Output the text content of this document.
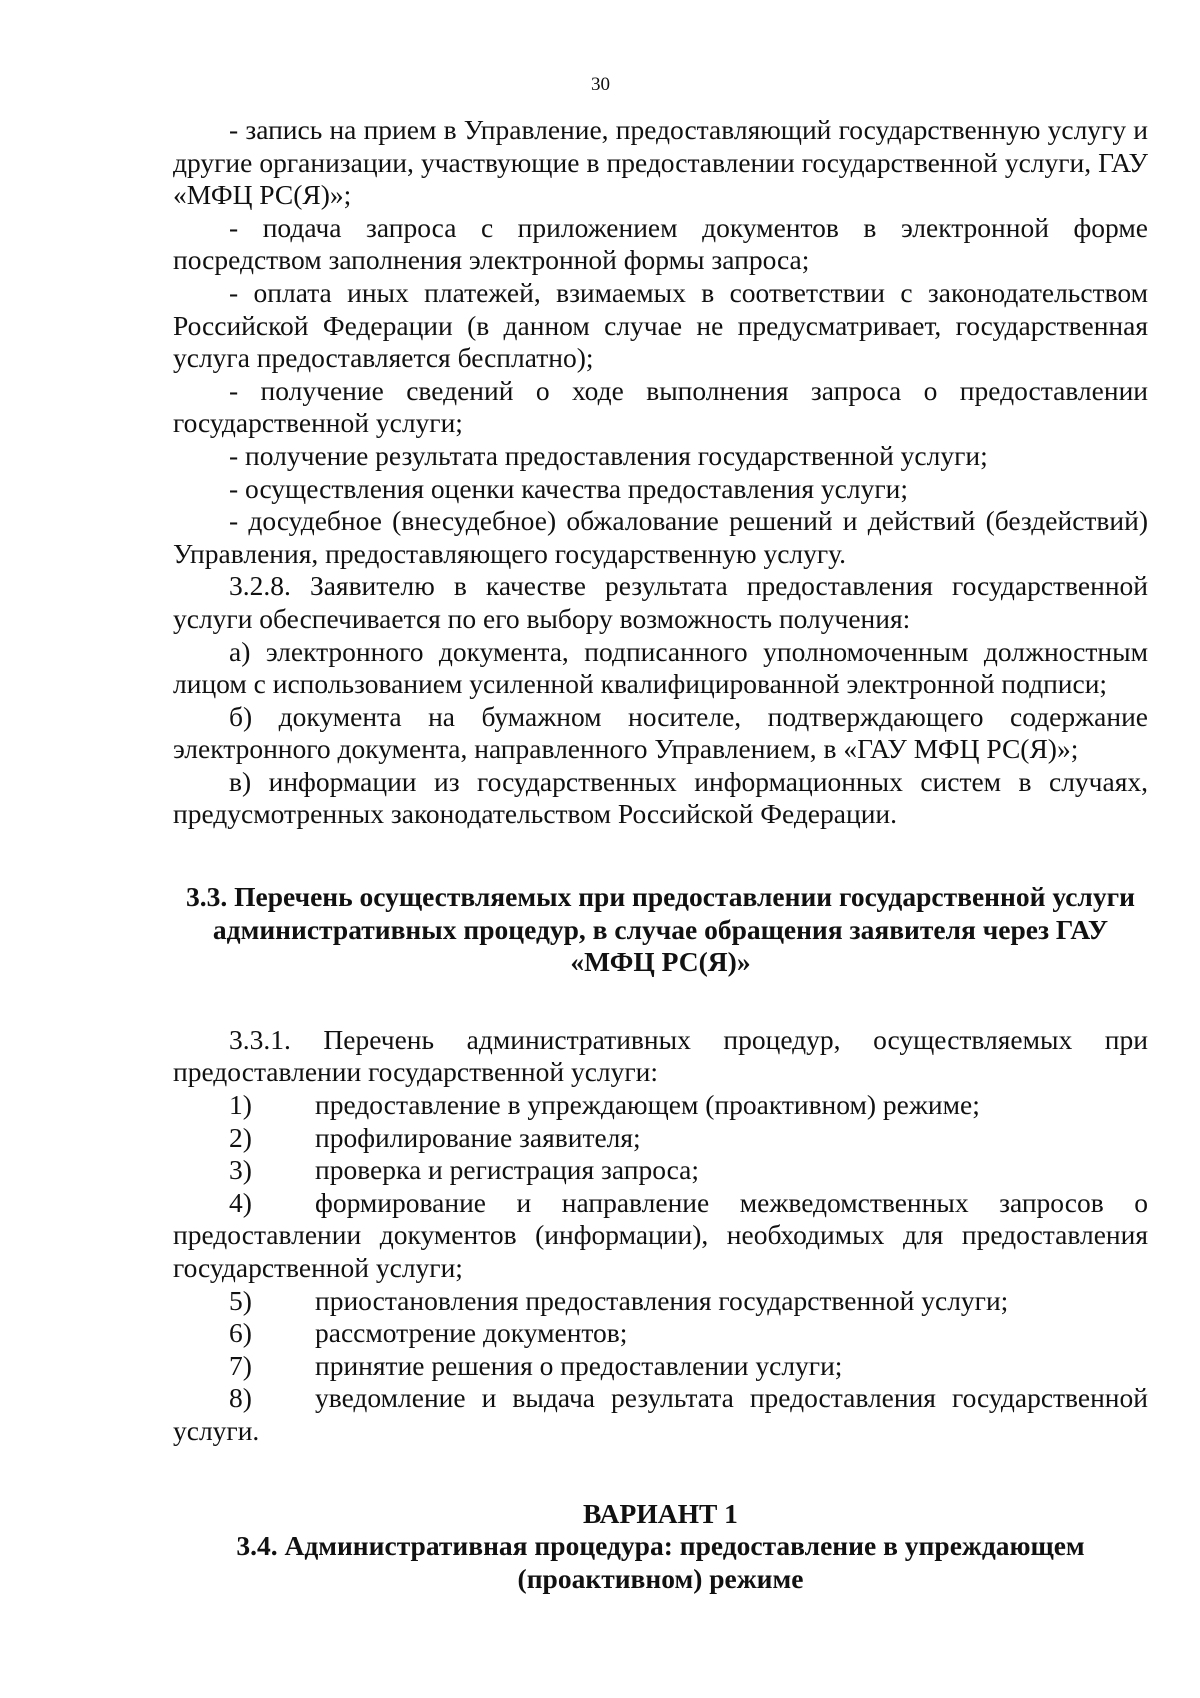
30

- запись на прием в Управление, предоставляющий государственную услугу и другие организации, участвующие в предоставлении государственной услуги, ГАУ «МФЦ РС(Я)»;

- подача запроса с приложением документов в электронной форме посредством заполнения электронной формы запроса;

- оплата иных платежей, взимаемых в соответствии с законодательством Российской Федерации (в данном случае не предусматривает, государственная услуга предоставляется бесплатно);

- получение сведений о ходе выполнения запроса о предоставлении государственной услуги;

- получение результата предоставления государственной услуги;

- осуществления оценки качества предоставления услуги;

- досудебное (внесудебное) обжалование решений и действий (бездействий) Управления, предоставляющего государственную услугу.

3.2.8. Заявителю в качестве результата предоставления государственной услуги обеспечивается по его выбору возможность получения:

а) электронного документа, подписанного уполномоченным должностным лицом с использованием усиленной квалифицированной электронной подписи;

б) документа на бумажном носителе, подтверждающего содержание электронного документа, направленного Управлением, в «ГАУ МФЦ РС(Я)»;

в) информации из государственных информационных систем в случаях, предусмотренных законодательством Российской Федерации.

3.3. Перечень осуществляемых при предоставлении государственной услуги административных процедур, в случае обращения заявителя через ГАУ «МФЦ РС(Я)»

3.3.1. Перечень административных процедур, осуществляемых при предоставлении государственной услуги:

1)	предоставление в упреждающем (проактивном) режиме;
2)	профилирование заявителя;
3)	проверка и регистрация запроса;

4) формирование и направление межведомственных запросов о предоставлении документов (информации), необходимых для предоставления государственной услуги;

5)	приостановления предоставления государственной услуги;
6)	рассмотрение документов;
7)	принятие решения о предоставлении услуги;

8) уведомление и выдача результата предоставления государственной услуги.

ВАРИАНТ 1
3.4. Административная процедура: предоставление в упреждающем (проактивном) режиме
